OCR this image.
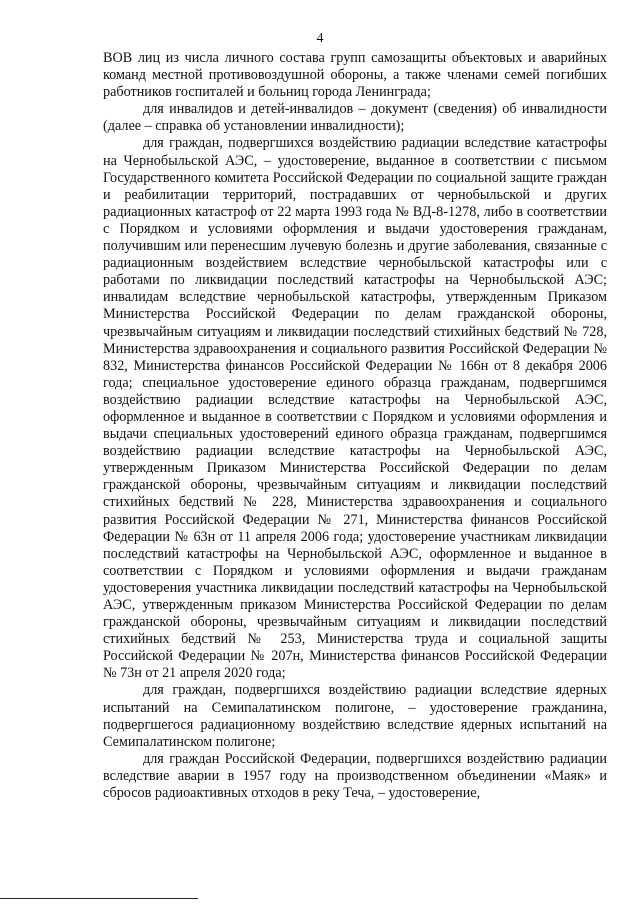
4

ВОВ лиц из числа личного состава групп самозащиты объектовых и аварийных команд местной противовоздушной обороны, а также членами семей погибших работников госпиталей и больниц города Ленинграда;

для инвалидов и детей-инвалидов – документ (сведения) об инвалидности (далее – справка об установлении инвалидности);

для граждан, подвергшихся воздействию радиации вследствие катастрофы на Чернобыльской АЭС, – удостоверение, выданное в соответствии с письмом Государственного комитета Российской Федерации по социальной защите граждан и реабилитации территорий, пострадавших от чернобыльской и других радиационных катастроф от 22 марта 1993 года № ВД-8-1278, либо в соответствии с Порядком и условиями оформления и выдачи удостоверения гражданам, получившим или перенесшим лучевую болезнь и другие заболевания, связанные с радиационным воздействием вследствие чернобыльской катастрофы или с работами по ликвидации последствий катастрофы на Чернобыльской АЭС; инвалидам вследствие чернобыльской катастрофы, утвержденным Приказом Министерства Российской Федерации по делам гражданской обороны, чрезвычайным ситуациям и ликвидации последствий стихийных бедствий № 728, Министерства здравоохранения и социального развития Российской Федерации № 832, Министерства финансов Российской Федерации № 166н от 8 декабря 2006 года; специальное удостоверение единого образца гражданам, подвергшимся воздействию радиации вследствие катастрофы на Чернобыльской АЭС, оформленное и выданное в соответствии с Порядком и условиями оформления и выдачи специальных удостоверений единого образца гражданам, подвергшимся воздействию радиации вследствие катастрофы на Чернобыльской АЭС, утвержденным Приказом Министерства Российской Федерации по делам гражданской обороны, чрезвычайным ситуациям и ликвидации последствий стихийных бедствий № 228, Министерства здравоохранения и социального развития Российской Федерации № 271, Министерства финансов Российской Федерации № 63н от 11 апреля 2006 года; удостоверение участникам ликвидации последствий катастрофы на Чернобыльской АЭС, оформленное и выданное в соответствии с Порядком и условиями оформления и выдачи гражданам удостоверения участника ликвидации последствий катастрофы на Чернобыльской АЭС, утвержденным приказом Министерства Российской Федерации по делам гражданской обороны, чрезвычайным ситуациям и ликвидации последствий стихийных бедствий № 253, Министерства труда и социальной защиты Российской Федерации № 207н, Министерства финансов Российской Федерации № 73н от 21 апреля 2020 года;

для граждан, подвергшихся воздействию радиации вследствие ядерных испытаний на Семипалатинском полигоне, – удостоверение гражданина, подвергшегося радиационному воздействию вследствие ядерных испытаний на Семипалатинском полигоне;

для граждан Российской Федерации, подвергшихся воздействию радиации вследствие аварии в 1957 году на производственном объединении «Маяк» и сбросов радиоактивных отходов в реку Теча, – удостоверение,
